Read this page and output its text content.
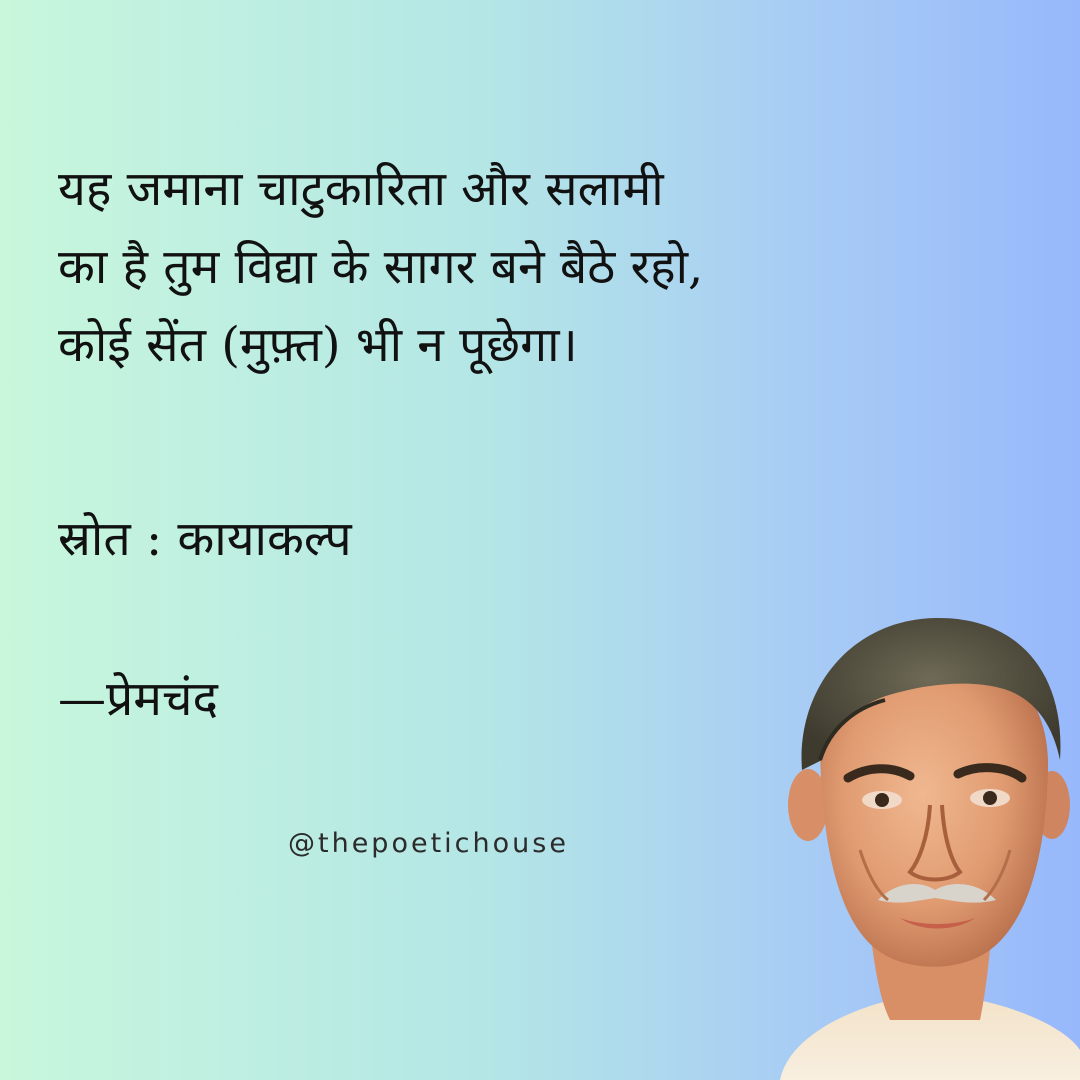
यह जमाना चाटुकारिता और सलामी
का है तुम विद्या के सागर बने बैठे रहो,
कोई सेंत (मुफ़्त) भी न पूछेगा।

स्रोत : कायाकल्प

—प्रेमचंद

@thepoetichouse
